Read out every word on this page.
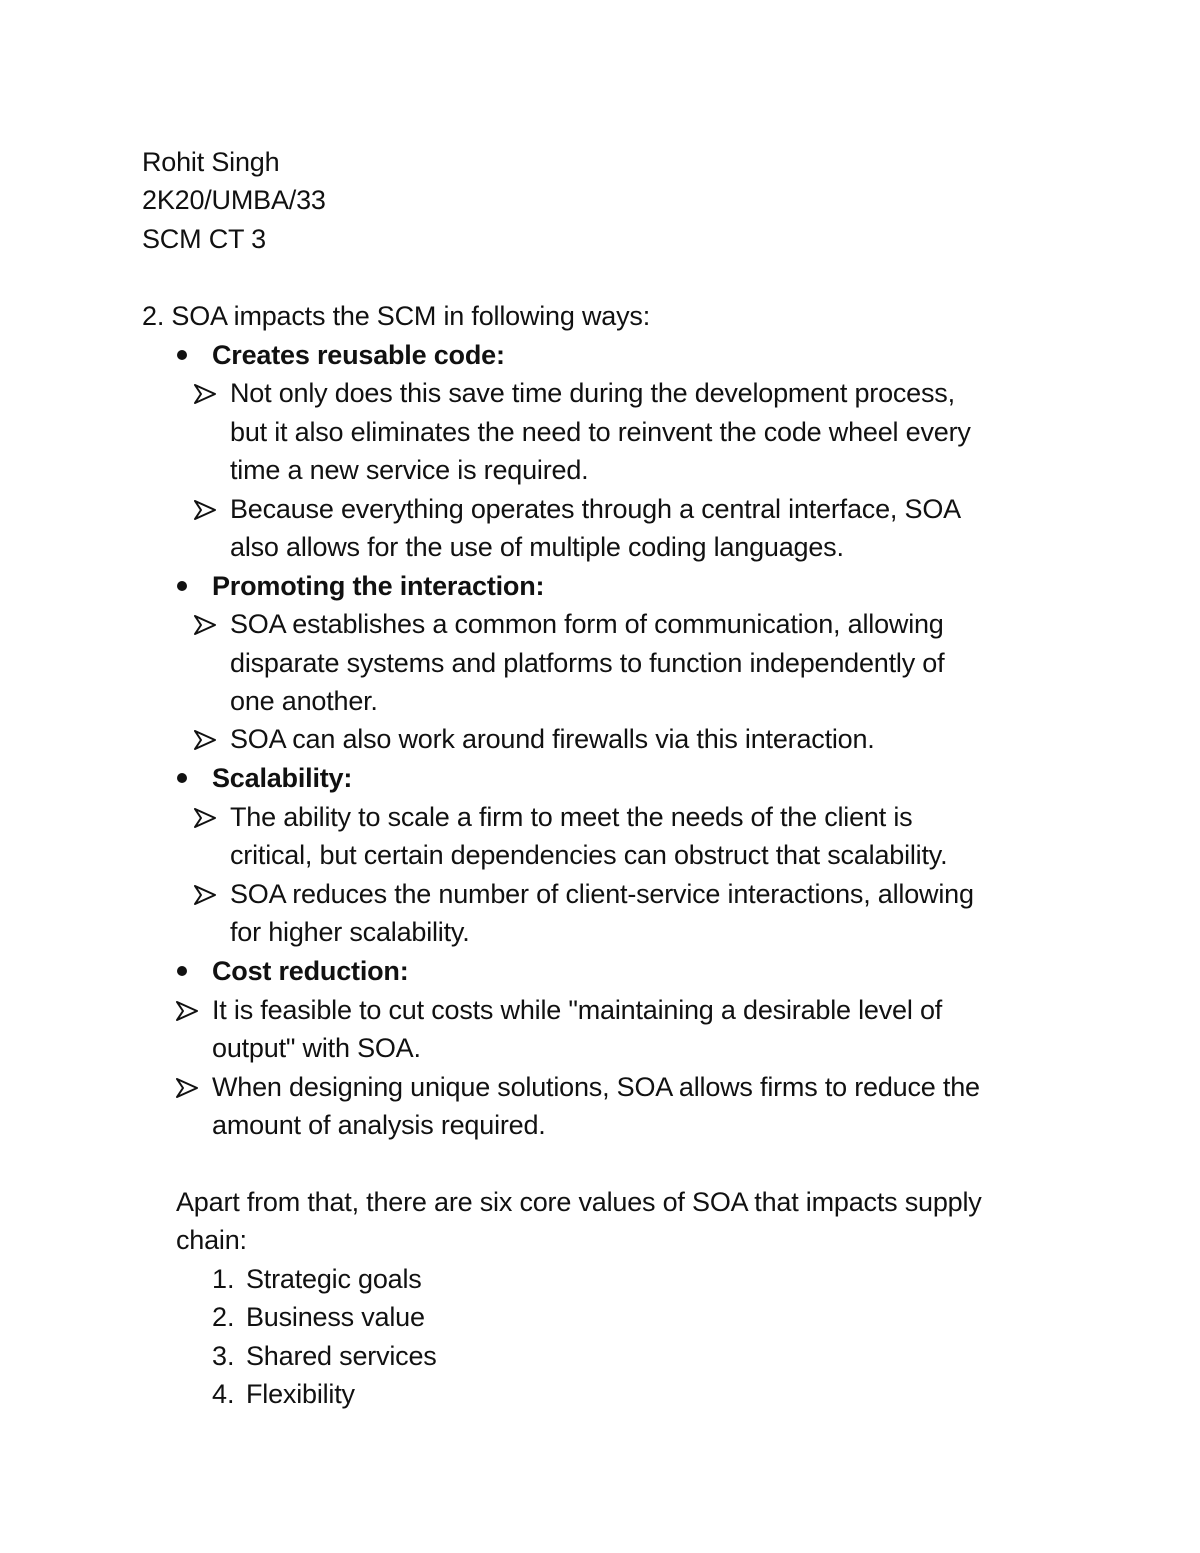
Rohit Singh
2K20/UMBA/33
SCM CT 3
2. SOA impacts the SCM in following ways:
Creates reusable code:
Not only does this save time during the development process,
but it also eliminates the need to reinvent the code wheel every
time a new service is required.
Because everything operates through a central interface, SOA
also allows for the use of multiple coding languages.
Promoting the interaction:
SOA establishes a common form of communication, allowing
disparate systems and platforms to function independently of
one another.
SOA can also work around firewalls via this interaction.
Scalability:
The ability to scale a firm to meet the needs of the client is
critical, but certain dependencies can obstruct that scalability.
SOA reduces the number of client-service interactions, allowing
for higher scalability.
Cost reduction:
It is feasible to cut costs while "maintaining a desirable level of
output" with SOA.
When designing unique solutions, SOA allows firms to reduce the
amount of analysis required.
Apart from that, there are six core values of SOA that impacts supply
chain:
1. Strategic goals
2. Business value
3. Shared services
4. Flexibility
